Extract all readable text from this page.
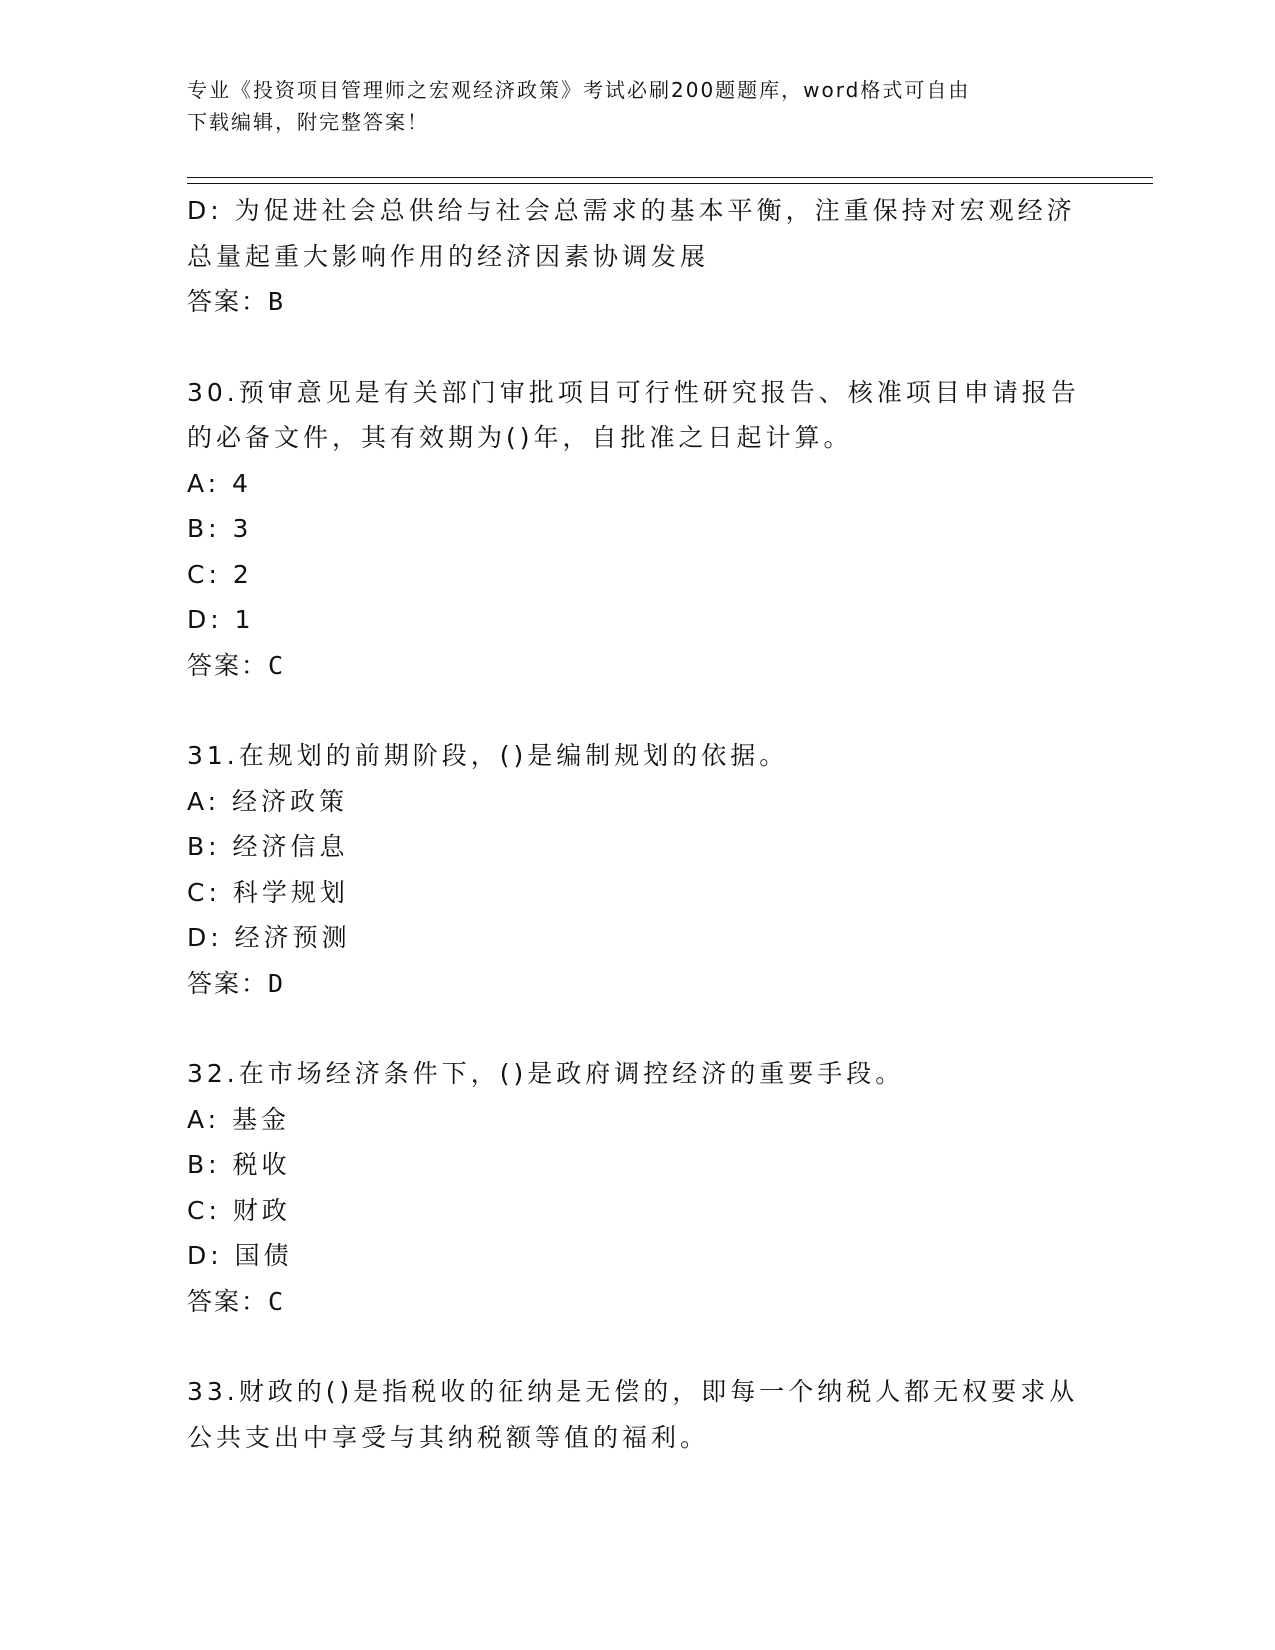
专业《投资项目管理师之宏观经济政策》考试必刷200题题库，word格式可自由
下载编辑，附完整答案！
D: 为促进社会总供给与社会总需求的基本平衡，注重保持对宏观经济
总量起重大影响作用的经济因素协调发展
答案：B
30.预审意见是有关部门审批项目可行性研究报告、核准项目申请报告
的必备文件，其有效期为()年，自批准之日起计算。
A: 4
B: 3
C: 2
D: 1
答案：C
31.在规划的前期阶段，()是编制规划的依据。
A: 经济政策
B: 经济信息
C: 科学规划
D: 经济预测
答案：D
32.在市场经济条件下，()是政府调控经济的重要手段。
A: 基金
B: 税收
C: 财政
D: 国债
答案：C
33.财政的()是指税收的征纳是无偿的，即每一个纳税人都无权要求从
公共支出中享受与其纳税额等值的福利。
